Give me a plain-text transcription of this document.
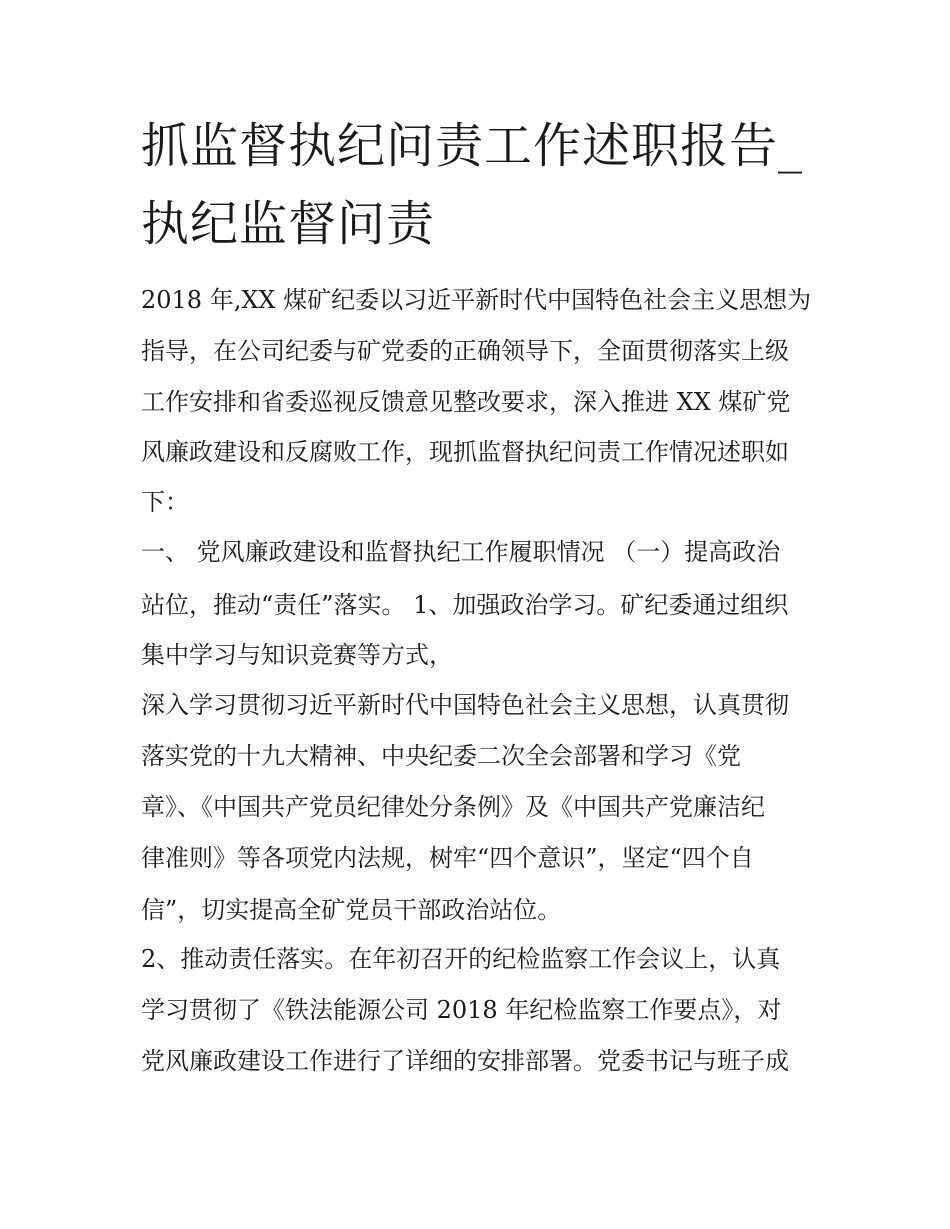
抓监督执纪问责工作述职报告_
执纪监督问责
2018 年,XX 煤矿纪委以习近平新时代中国特色社会主义思想为
指导，在公司纪委与矿党委的正确领导下，全面贯彻落实上级
工作安排和省委巡视反馈意见整改要求，深入推进 XX 煤矿党
风廉政建设和反腐败工作，现抓监督执纪问责工作情况述职如
下：
一、 党风廉政建设和监督执纪工作履职情况 （一）提高政治
站位，推动“责任”落实。 1、加强政治学习。矿纪委通过组织
集中学习与知识竞赛等方式，
深入学习贯彻习近平新时代中国特色社会主义思想，认真贯彻
落实党的十九大精神、中央纪委二次全会部署和学习《党
章》、《中国共产党员纪律处分条例》及《中国共产党廉洁纪
律准则》等各项党内法规，树牢“四个意识”，坚定“四个自
信”，切实提高全矿党员干部政治站位。
2、推动责任落实。在年初召开的纪检监察工作会议上，认真
学习贯彻了《铁法能源公司 2018 年纪检监察工作要点》，对
党风廉政建设工作进行了详细的安排部署。党委书记与班子成
